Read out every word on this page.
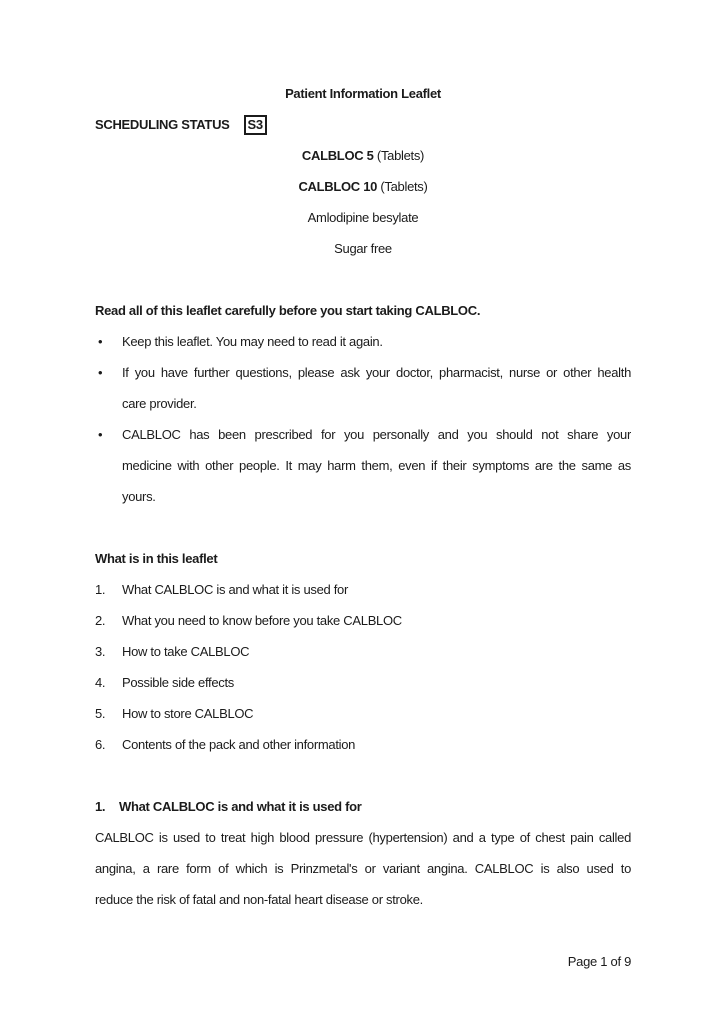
Patient Information Leaflet
SCHEDULING STATUS	S3
CALBLOC 5 (Tablets)
CALBLOC 10 (Tablets)
Amlodipine besylate
Sugar free
Read all of this leaflet carefully before you start taking CALBLOC.
•	Keep this leaflet. You may need to read it again.
•	If you have further questions, please ask your doctor, pharmacist, nurse or other health
care provider.
•	CALBLOC has been prescribed for you personally and you should not share your
medicine with other people. It may harm them, even if their symptoms are the same as
yours.
What is in this leaflet
1.	What CALBLOC is and what it is used for
2.	What you need to know before you take CALBLOC
3.	How to take CALBLOC
4.	Possible side effects
5.	How to store CALBLOC
6.	Contents of the pack and other information
1.	What CALBLOC is and what it is used for
CALBLOC is used to treat high blood pressure (hypertension) and a type of chest pain called
angina, a rare form of which is Prinzmetal's or variant angina. CALBLOC is also used to
reduce the risk of fatal and non-fatal heart disease or stroke.
Page 1 of 9
